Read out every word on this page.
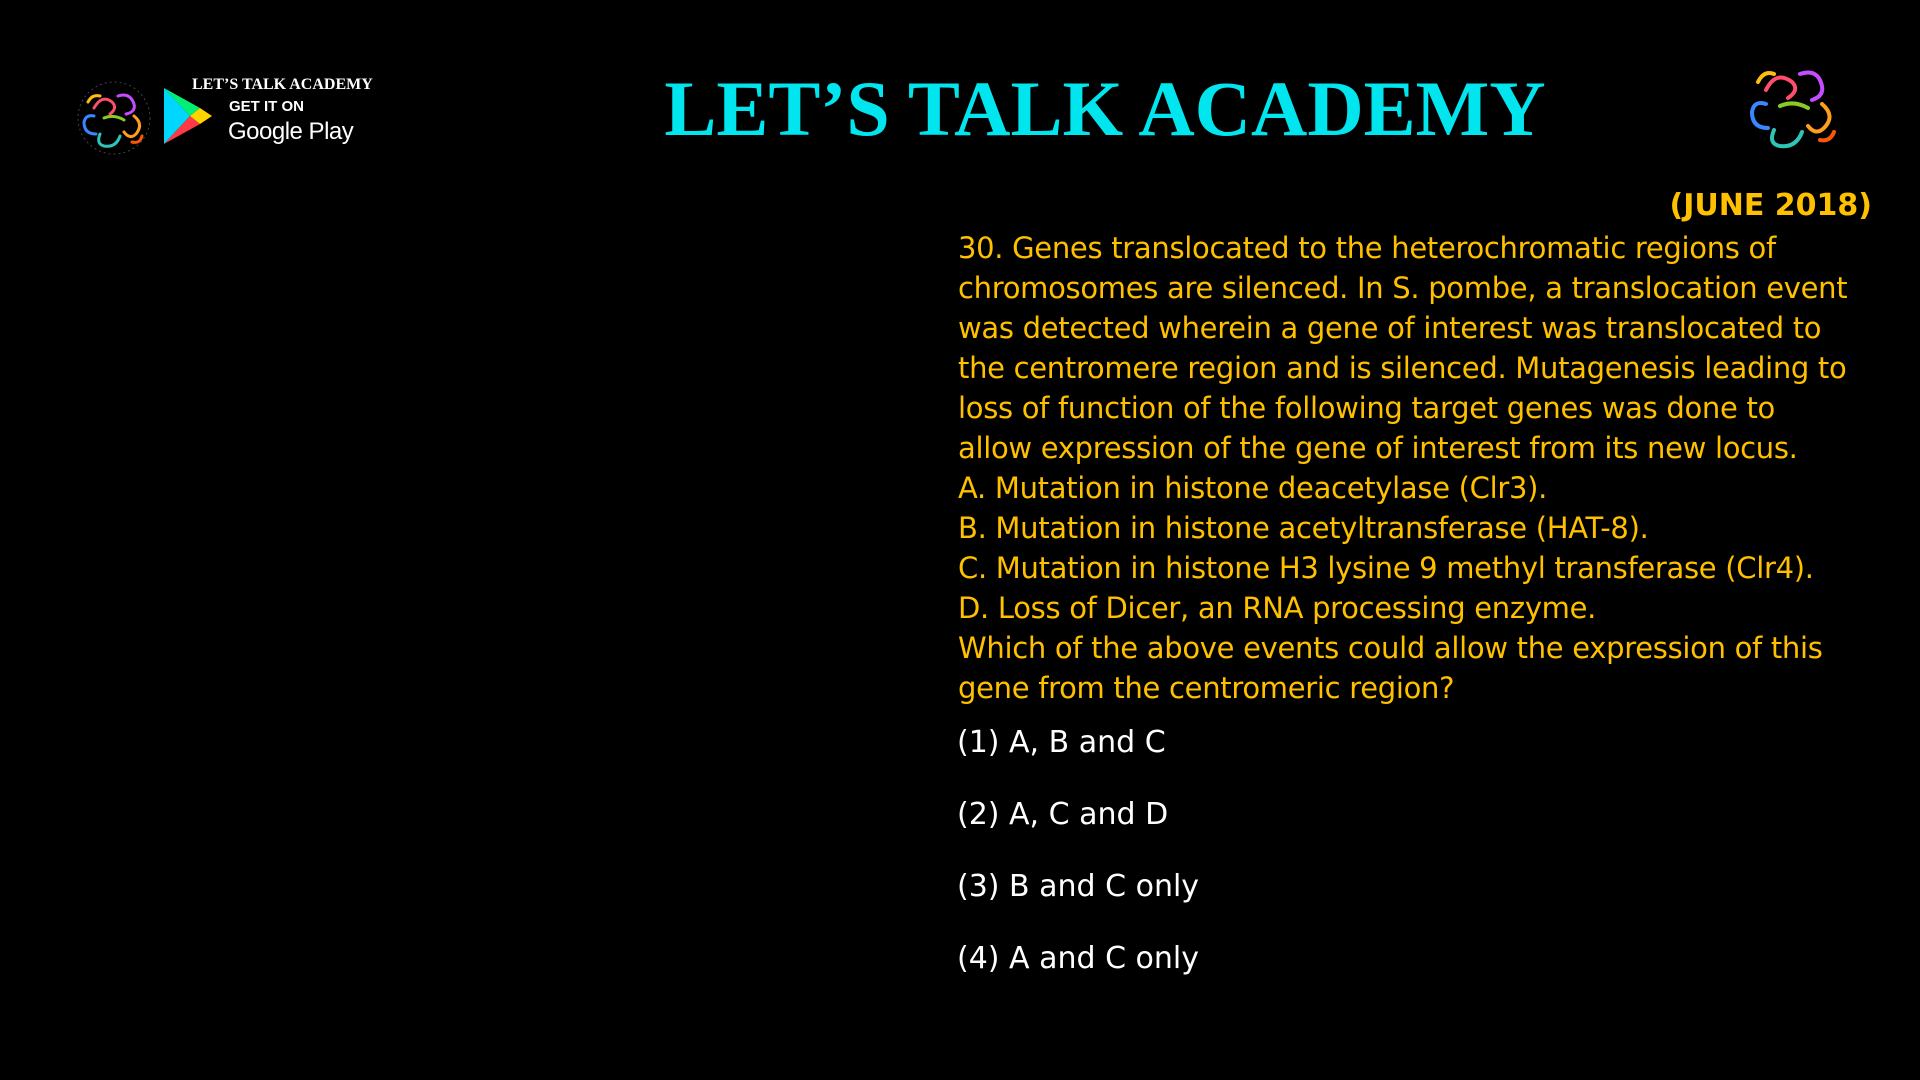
LET’S TALK ACADEMY
GET IT ON
Google Play	LET’S TALK ACADEMY
(JUNE 2018)
30. Genes translocated to the heterochromatic regions of
chromosomes are silenced. In S. pombe, a translocation event
was detected wherein a gene of interest was translocated to
the centromere region and is silenced. Mutagenesis leading to
loss of function of the following target genes was done to
allow expression of the gene of interest from its new locus.
A. Mutation in histone deacetylase (Clr3).
B. Mutation in histone acetyltransferase (HAT-8).
C. Mutation in histone H3 lysine 9 methyl transferase (Clr4).
D. Loss of Dicer, an RNA processing enzyme.
Which of the above events could allow the expression of this
gene from the centromeric region?
(1) A, B and C
(2) A, C and D
(3) B and C only
(4) A and C only
